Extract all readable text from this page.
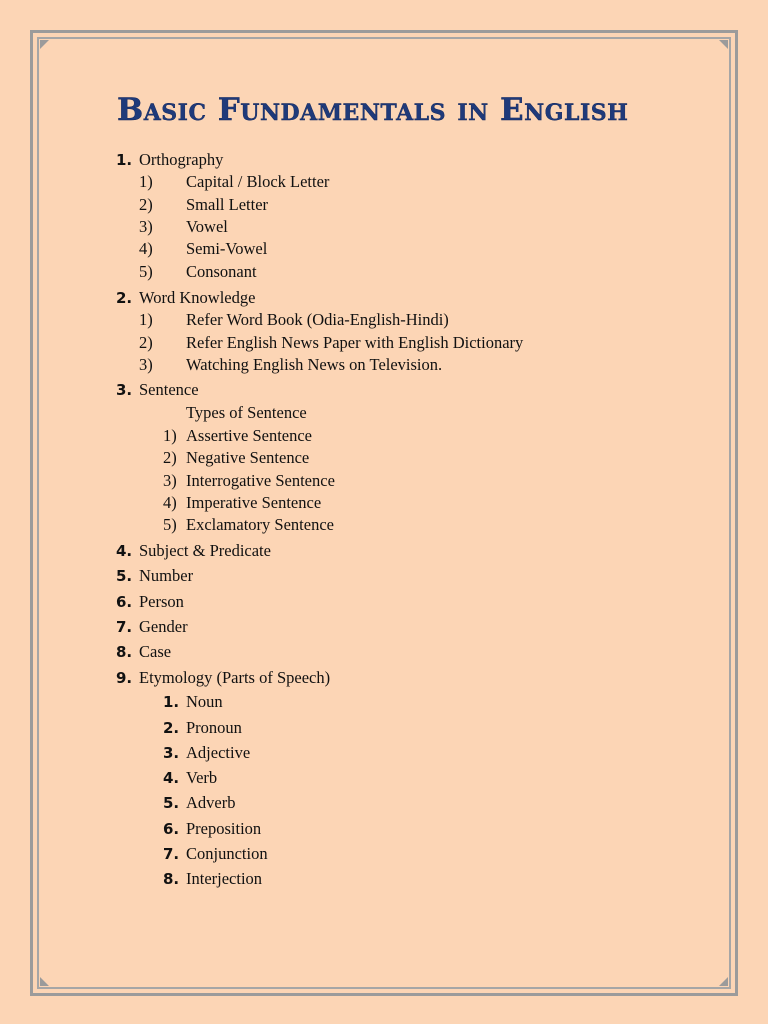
Basic Fundamentals in English
1. Orthography
1) Capital / Block Letter
2) Small Letter
3) Vowel
4) Semi-Vowel
5) Consonant
2. Word Knowledge
1) Refer Word Book (Odia-English-Hindi)
2) Refer English News Paper with English Dictionary
3) Watching English News on Television.
3. Sentence
Types of Sentence
1) Assertive Sentence
2) Negative Sentence
3) Interrogative Sentence
4) Imperative Sentence
5) Exclamatory Sentence
4. Subject & Predicate
5. Number
6. Person
7. Gender
8. Case
9. Etymology (Parts of Speech)
1. Noun
2. Pronoun
3. Adjective
4. Verb
5. Adverb
6. Preposition
7. Conjunction
8. Interjection
